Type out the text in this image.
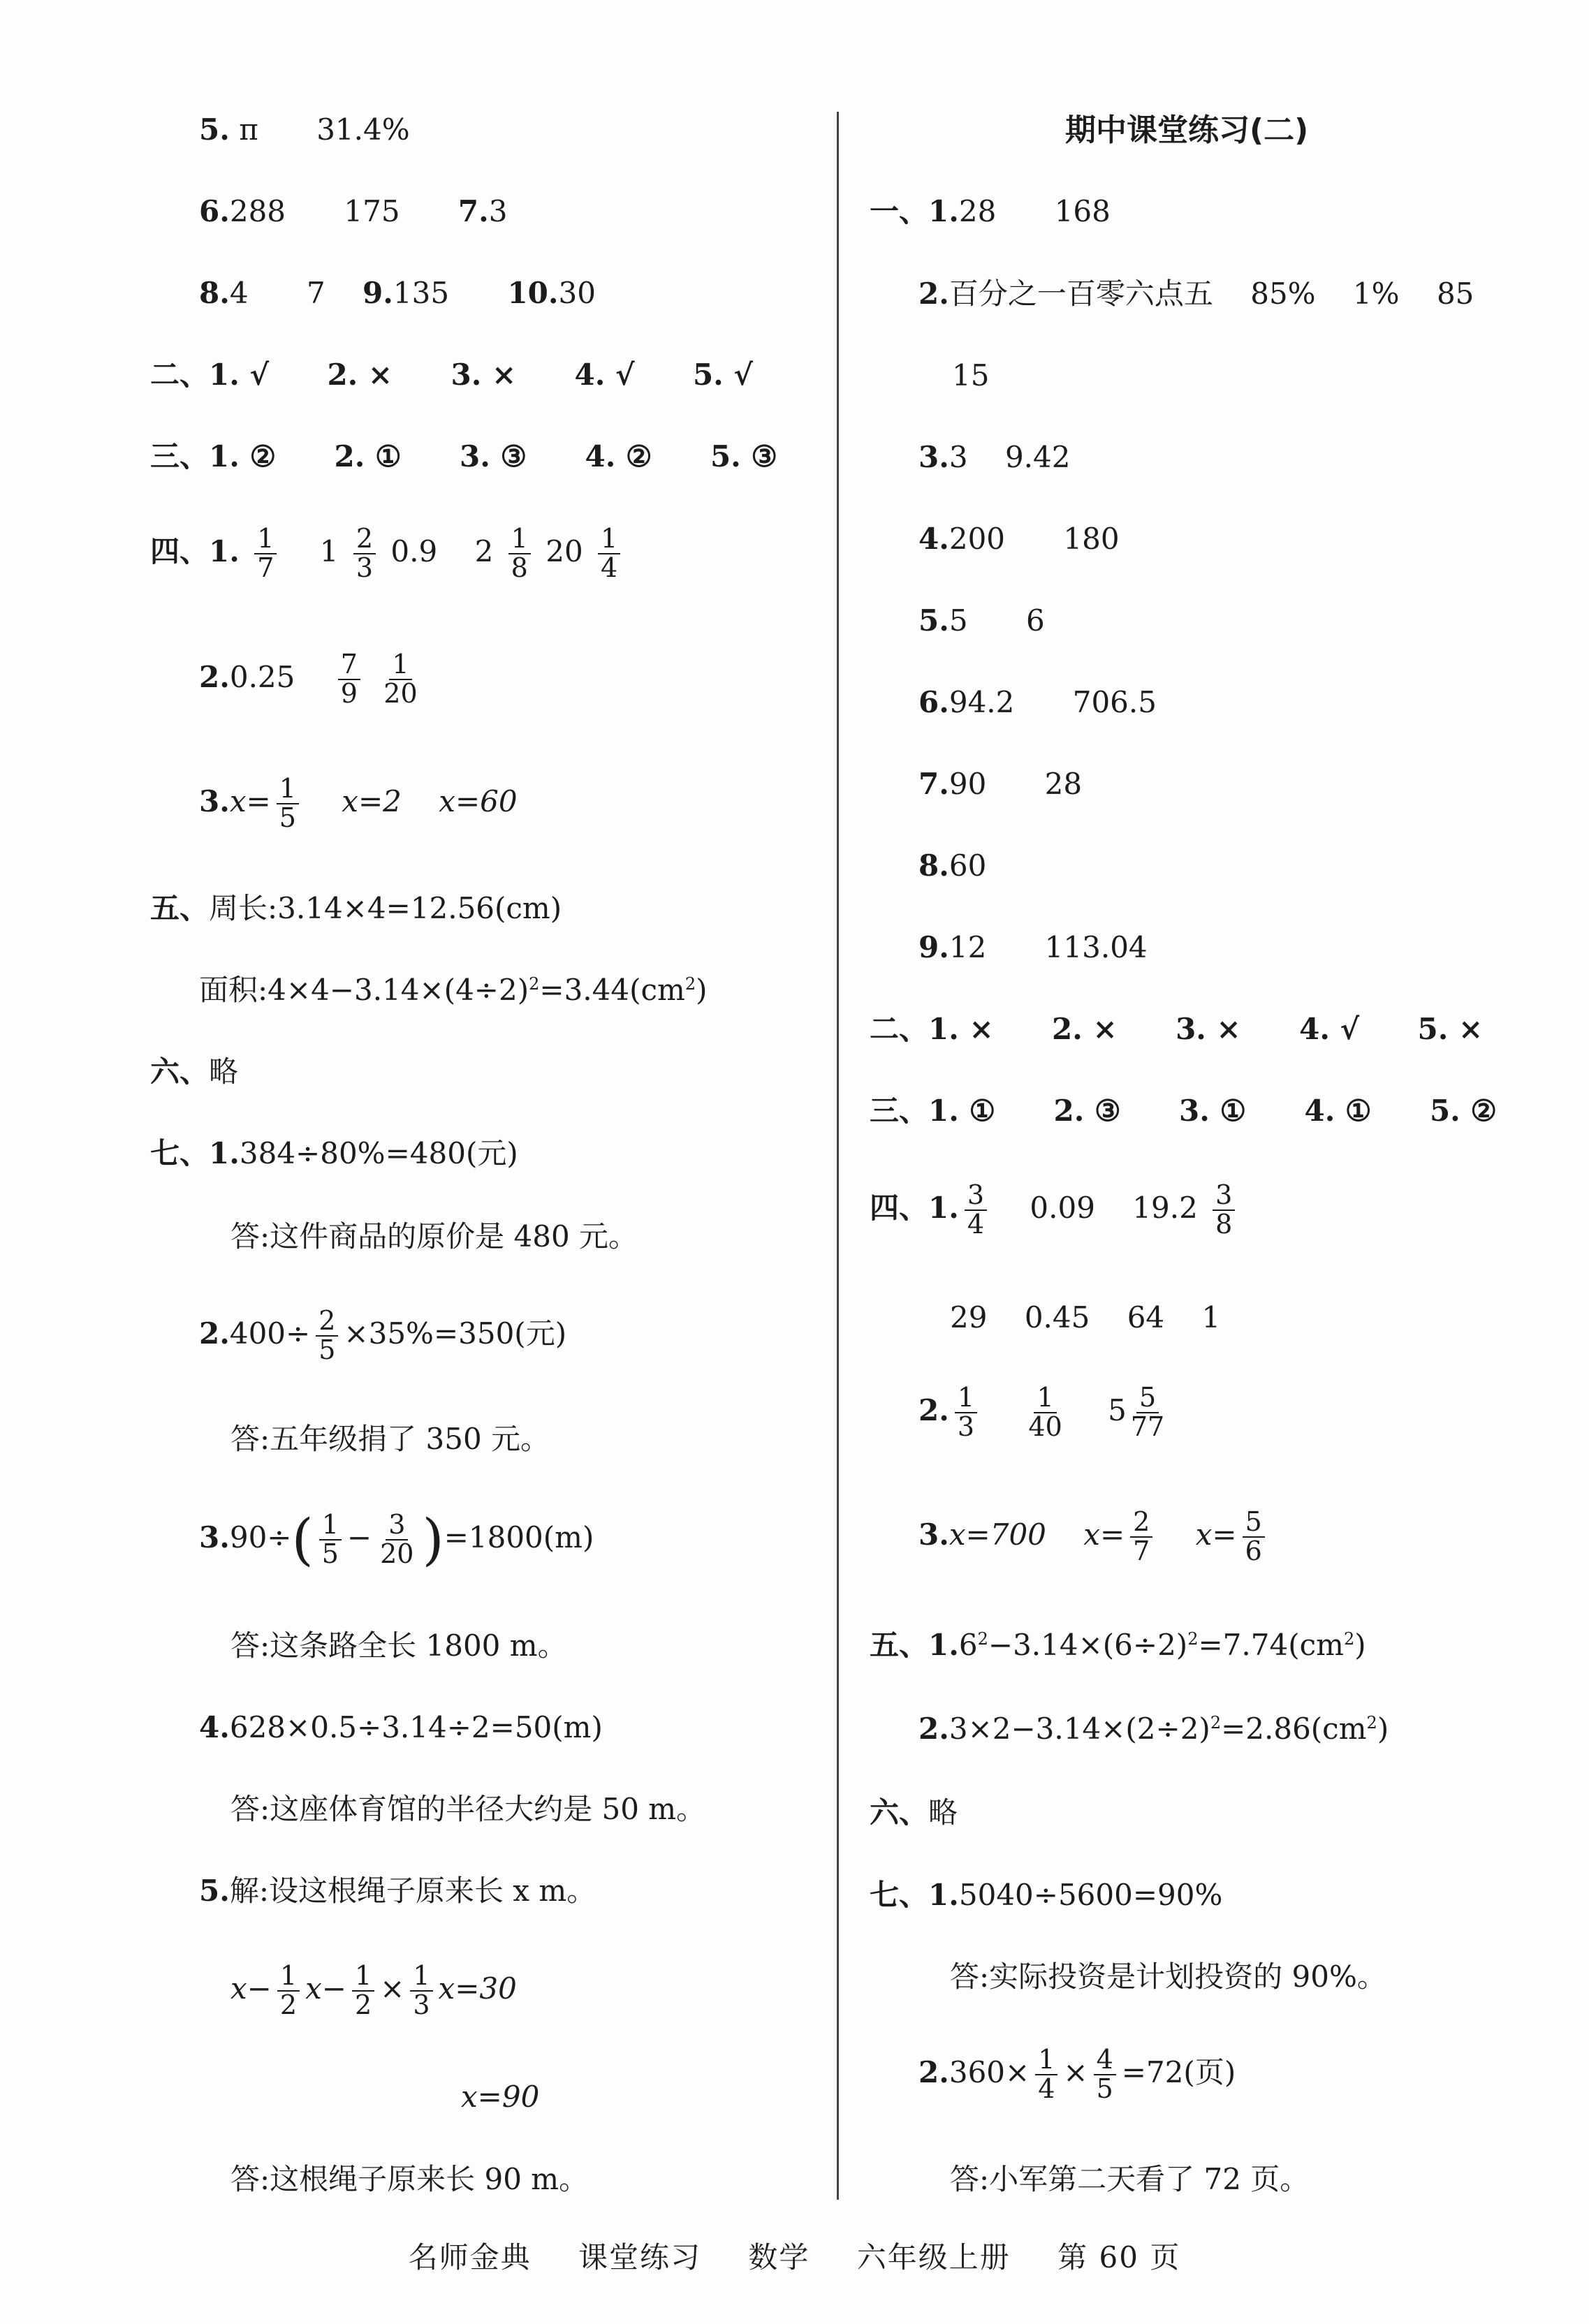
5. π 31.4%
6.288 175 7.3
8.4 7 9.135 10.30
二、1. √ 2. × 3. × 4. √ 5. √
三、1. ② 2. ① 3. ③ 4. ② 5. ③
四、1. $\frac{1}{7} 1 \frac{2}{3} 0.9$ $2 \frac{1}{8} 20 \frac{1}{4}$
$2.0.25 \frac{7}{9}$
$\frac{1}{20}$
$3.x= \frac{1}{5} x=2$ x=60
五、周长:3.14×4=12.56(cm)
面积$:4\times 4-3.14\times(4\div 2)^2=3.44(cm^2)$
六、略
七、1.384÷80%=480(元)
答:这件商品的原价是 480 元。
$2.400\div \frac{2}{5} \times 35\%=350$(元)
答:五年级捐了 350 元。
$3.90\div( \frac{1}{5} - \frac{3}{20} )=1800(m)$
答:这条路全长 1800 m。
4.628×0.5÷3.14÷2=50(m)
答:这座体育馆的半径大约是 50 m。
5.解:设这根绳子原来长 x m。
$x- \frac{1}{2} x- \frac{1}{2} \times \frac{1}{3} x=30$
x=90
答:这根绳子原来长 90 m。
期中课堂练习(二)
一、1.28 168
2.百分之一百零六点五 85% 1% 85
15
3.3 9.42
4.200 180
5.5 6
6.94.2 706.5
7.90 28
8.60
9.12 113.04
二、1. × 2. × 3. × 4. √ 5. ×
三、1. ① 2. ③ 3. ① 4. ① 5. ②
四、1. $\frac{3}{4} 0.09$ $19.2 \frac{3}{8}$
29 0.45 64 1
2. $\frac{1}{3}$
$\frac{1}{40} 5 \frac{5}{77}$
3.x=700 $x= \frac{2}{7} x= \frac{5}{6}$
五、$1.6^2-3.14\times(6\div 2)^2=7.74(cm^2)$
$2.3\times 2-3.14\times(2\div 2)^2=2.86(cm^2)$
六、略
七、1.5040÷5600=90%
答:实际投资是计划投资的 90%。
$2.360\times \frac{1}{4} \times \frac{4}{5} =72$(页)
答:小军第二天看了 72 页。
名师金典 课堂练习 数学 六年级上册 第 60 页
